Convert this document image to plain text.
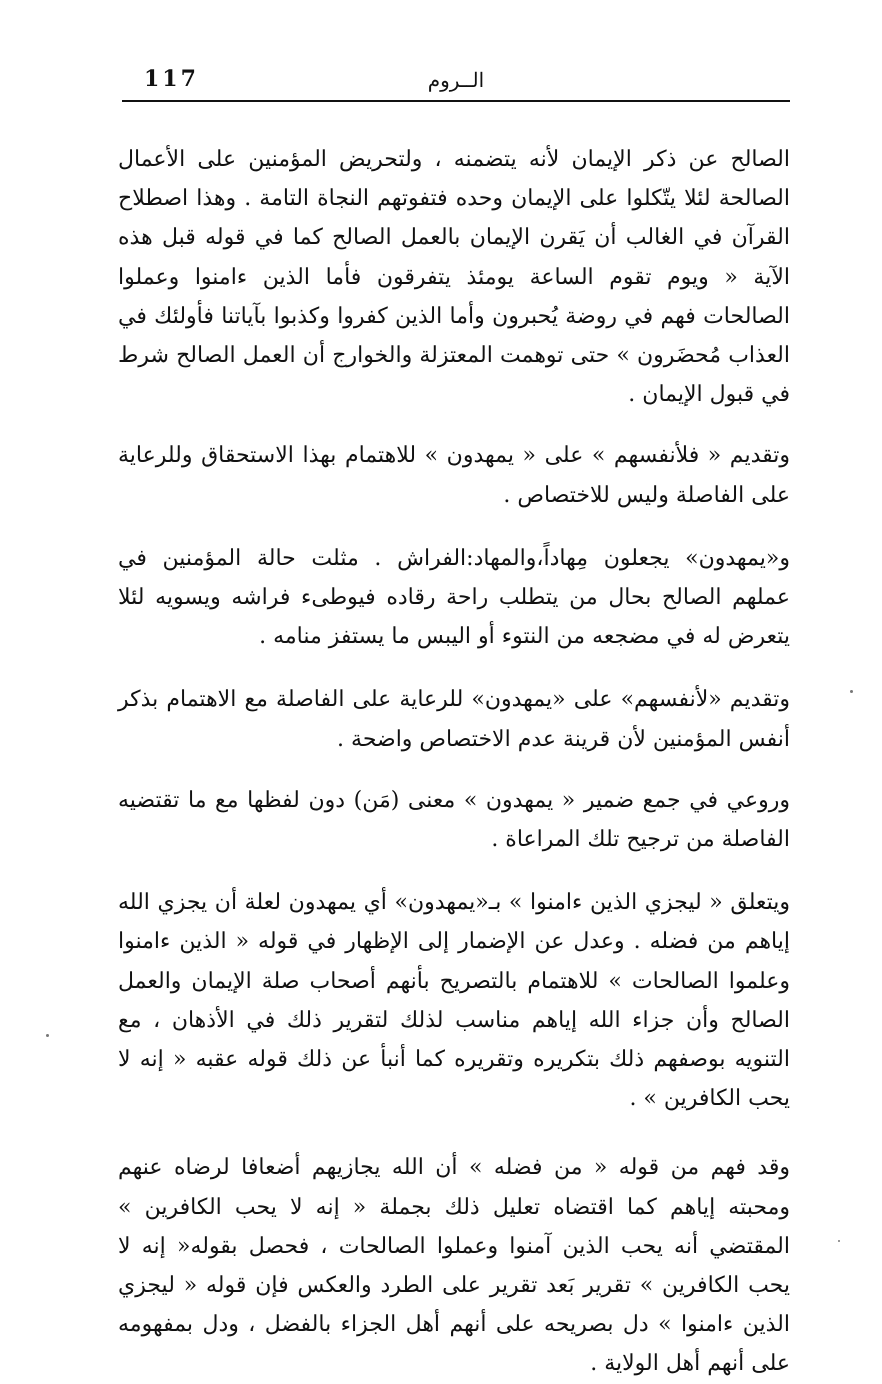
117	الــروم

الصالح عن ذكر الإيمان لأنه يتضمنه ، ولتحريض المؤمنين على الأعمال الصالحة لئلا يتّكلوا على الإيمان وحده فتفوتهم النجاة التامة . وهذا اصطلاح القرآن في الغالب أن يَقرن الإيمان بالعمل الصالح كما في قوله قبل هذه الآية « ويوم تقوم الساعة يومئذ يتفرقون فأما الذين ءامنوا وعملوا الصالحات فهم في روضة يُحبرون وأما الذين كفروا وكذبوا بآياتنا فأولئك في العذاب مُحضَرون » حتى توهمت المعتزلة والخوارج أن العمل الصالح شرط في قبول الإيمان .

وتقديم « فلأنفسهم » على « يمهدون » للاهتمام بهذا الاستحقاق وللرعاية على الفاصلة وليس للاختصاص .

و«يمهدون» يجعلون مِهاداً،والمهاد:الفراش . مثلت حالة المؤمنين في عملهم الصالح بحال من يتطلب راحة رقاده فيوطىء فراشه ويسويه لئلا يتعرض له في مضجعه من النتوء أو اليبس ما يستفز منامه .

وتقديم «لأنفسهم» على «يمهدون» للرعاية على الفاصلة مع الاهتمام بذكر أنفس المؤمنين لأن قرينة عدم الاختصاص واضحة .

وروعي في جمع ضمير « يمهدون » معنى (مَن) دون لفظها مع ما تقتضيه الفاصلة من ترجيح تلك المراعاة .

ويتعلق « ليجزي الذين ءامنوا » بـ«يمهدون» أي يمهدون لعلة أن يجزي الله إياهم من فضله . وعدل عن الإضمار إلى الإظهار في قوله « الذين ءامنوا وعلموا الصالحات » للاهتمام بالتصريح بأنهم أصحاب صلة الإيمان والعمل الصالح وأن جزاء الله إياهم مناسب لذلك لتقرير ذلك في الأذهان ، مع التنويه بوصفهم ذلك بتكريره وتقريره كما أنبأ عن ذلك قوله عقبه « إنه لا يحب الكافرين » .

وقد فهم من قوله « من فضله » أن الله يجازيهم أضعافا لرضاه عنهم ومحبته إياهم كما اقتضاه تعليل ذلك بجملة « إنه لا يحب الكافرين » المقتضي أنه يحب الذين آمنوا وعملوا الصالحات ، فحصل بقوله« إنه لا يحب الكافرين » تقرير بَعد تقرير على الطرد والعكس فإن قوله « ليجزي الذين ءامنوا » دل بصريحه على أنهم أهل الجزاء بالفضل ، ودل بمفهومه على أنهم أهل الولاية .
